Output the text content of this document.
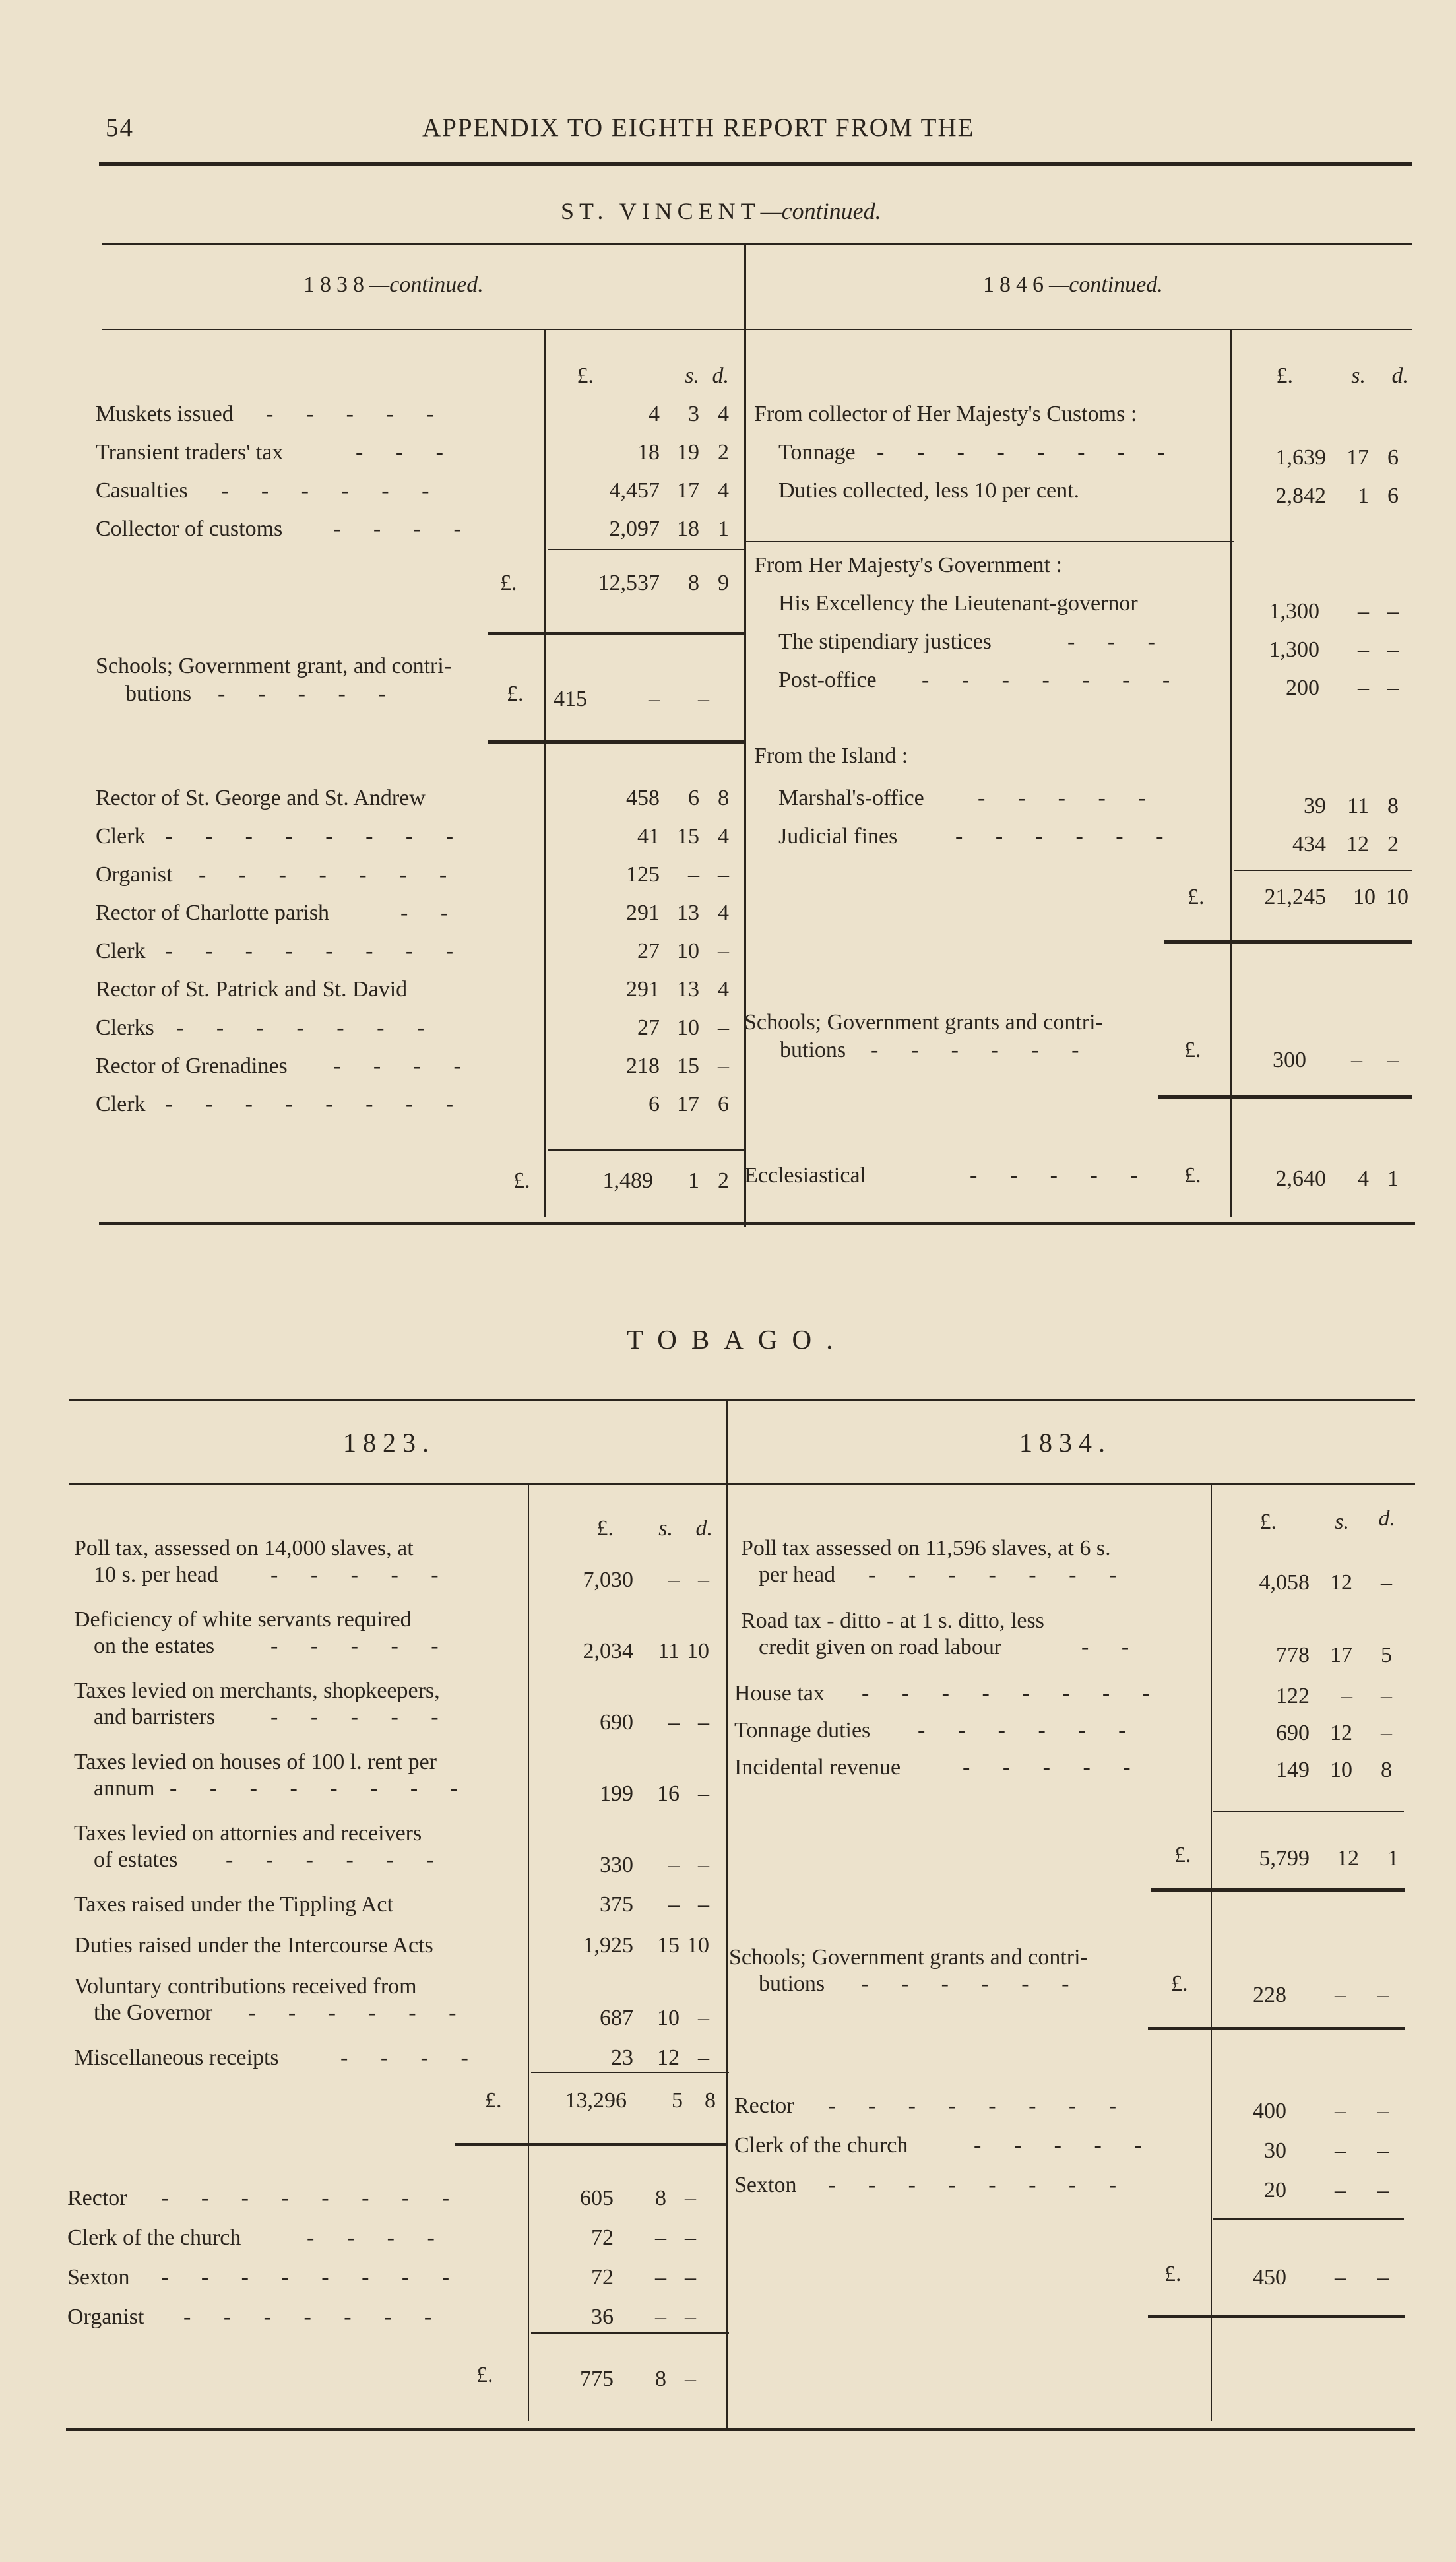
54	APPENDIX TO EIGHTH REPORT FROM THE
ST. VINCENT—continued.
1838—continued.	1846—continued.
£.	s. d.
Muskets issued -   -   -   -   -	4	3 4
Transient traders' tax	-   -   -	18 19 2
Casualties -   -   -   -   -   -	4,457 17 4
Collector of customs -   -   -   -	2,097 18 1
£.	12,537	8 9
Schools; Government grant, and contri-
butions -   -   -   -   -	£.	415	–	–
Rector of St. George and St. Andrew	458	6 8
Clerk -   -   -   -   -   -   -   -	41 15 4
Organist -   -   -   -   -   -   -	125	– –
Rector of Charlotte parish	-   -	291 13 4
Clerk -   -   -   -   -   -   -   -	27 10 –
Rector of St. Patrick and St. David	291 13 4
Clerks -   -   -   -   -   -   -	27 10 –
Rector of Grenadines -   -   -   -	218 15 –
Clerk -   -   -   -   -   -   -   -	6 17 6
£.	1,489	1 2
£.	s.	d.
From collector of Her Majesty's Customs :
Tonnage -   -   -   -   -   -   -   -	1,639 17 6
Duties collected, less 10 per cent.	2,842	1 6
From Her Majesty's Government :
His Excellency the Lieutenant-governor	1,300	– –
The stipendiary justices	-   -   -	1,300	– –
Post-office -   -   -   -   -   -   -	200	– –
From the Island :
Marshal's-office -   -   -   -   -	39 11 8
Judicial fines	-   -   -   -   -   -	434 12 2
£.	21,245	10 10
Schools; Government grants and contri-
butions -   -   -   -   -   -	£.	300	–	–
Ecclesiastical	-   -   -   -   - £.	2,640	4 1
TOBAGO.
1823.	1834.
£.	s.	d.
Poll tax, assessed on 14,000 slaves, at
10 s. per head -   -   -   -   -	7,030	– –
Deficiency of white servants required
on the estates -   -   -   -   -	2,034	11 10
Taxes levied on merchants, shopkeepers,
and barristers -   -   -   -   -	690	– –
Taxes levied on houses of 100 l. rent per
annum -   -   -   -   -   -   -   -	199	16 –
Taxes levied on attornies and receivers
of estates -   -   -   -   -   -	330	– –
Taxes raised under the Tippling Act	375	– –
Duties raised under the Intercourse Acts	1,925	15 10
Voluntary contributions received from
the Governor -   -   -   -   -   -	687	10 –
Miscellaneous receipts	-   -   -   -	23	12 –
£.	13,296	5 8
Rector -   -   -   -   -   -   -   -	605	8 –
Clerk of the church	-   -   -   -	72	– –
Sexton -   -   -   -   -   -   -   -	72	– –
Organist -   -   -   -   -   -   -	36	– –
£.	775	8 –
£.	s.	d.
Poll tax assessed on 11,596 slaves, at 6 s.
per head -   -   -   -   -   -   -	4,058 12	–
Road tax - ditto - at 1 s. ditto, less
credit given on road labour	-   -	778 17	5
House tax -   -   -   -   -   -   -   -	122	–	–
Tonnage duties -   -   -   -   -   -	690 12	–
Incidental revenue	-   -   -   -   -	149 10	8
£.	5,799	12	1
Schools; Government grants and contri-
butions -   -   -   -   -   -	£.	228	–	–
Rector -   -   -   -   -   -   -   -	400	–	–
Clerk of the church	-   -   -   -   -	30	–	–
Sexton -   -   -   -   -   -   -   -	20	–	–
£.	450	–	–
